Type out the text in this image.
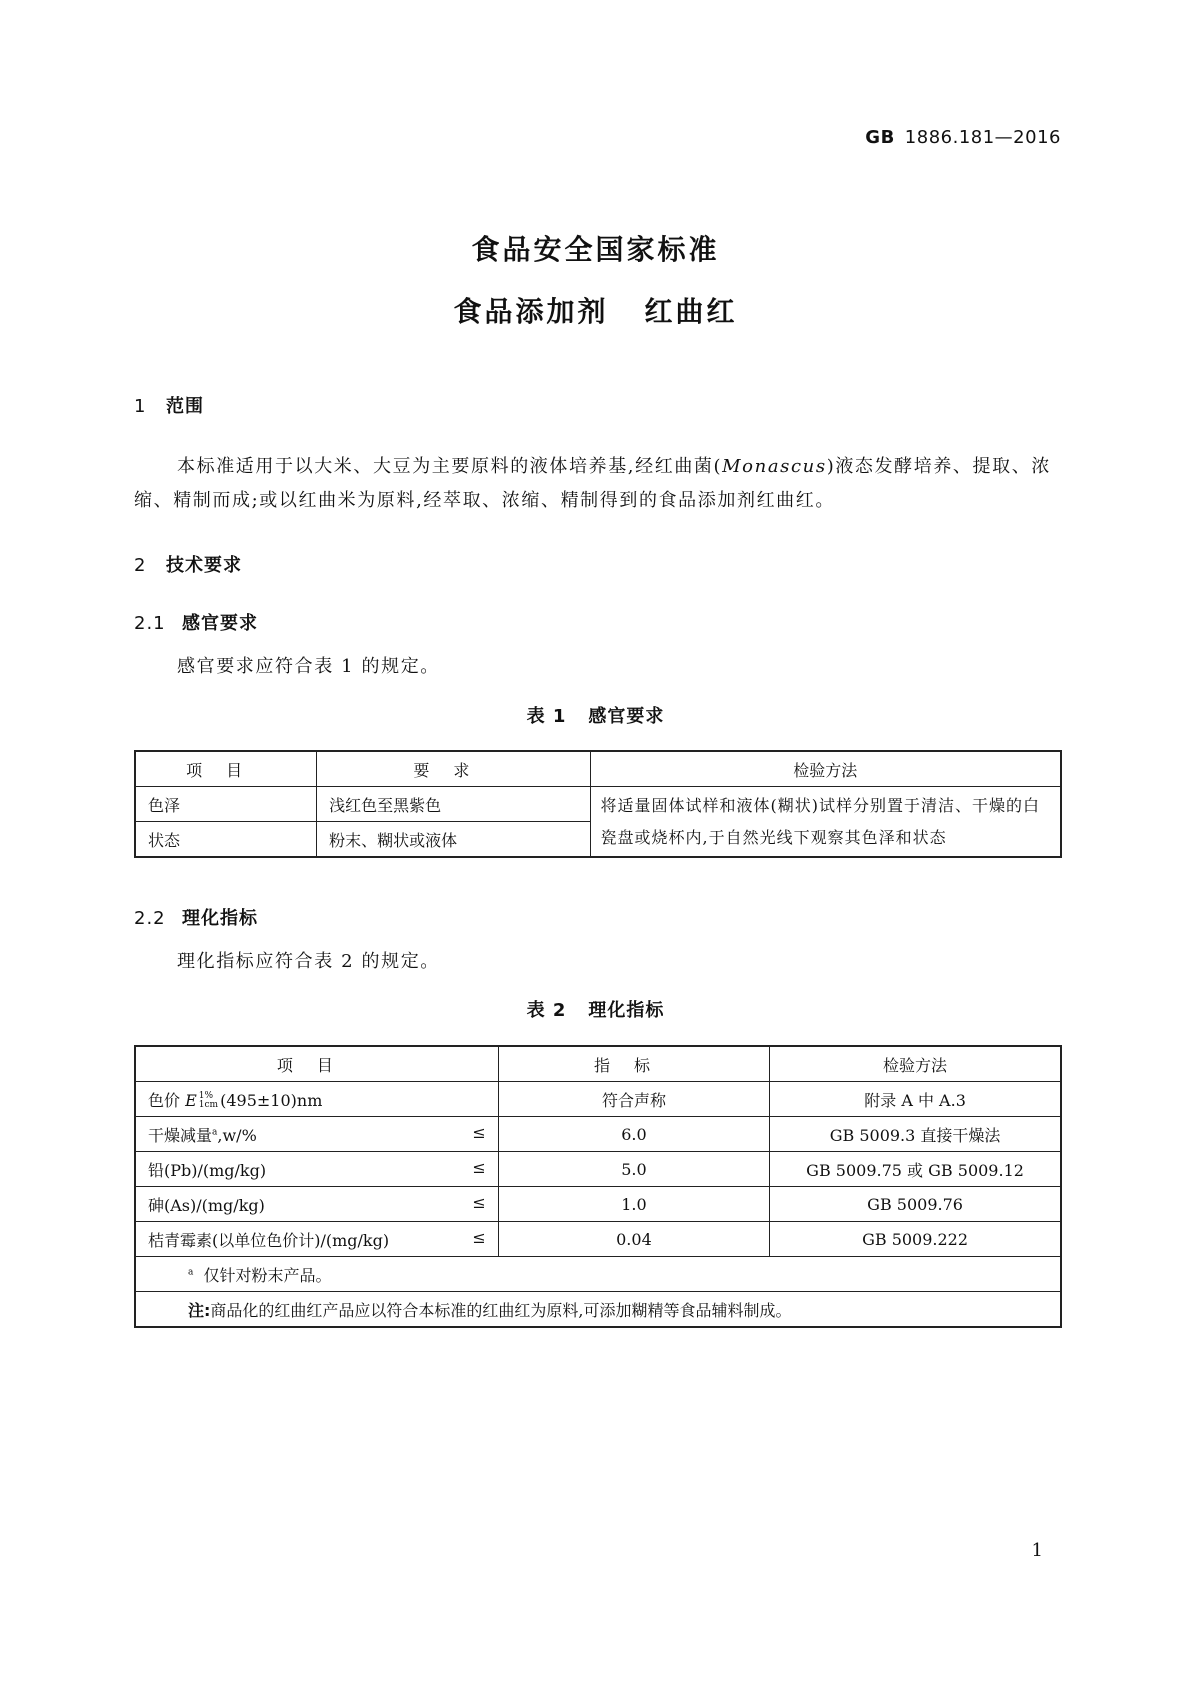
GB 1886.181—2016
食品安全国家标准
食品添加剂 红曲红
1 范围
本标准适用于以大米、大豆为主要原料的液体培养基,经红曲菌(Monascus)液态发酵培养、提取、浓缩、精制而成;或以红曲米为原料,经萃取、浓缩、精制得到的食品添加剂红曲红。
2 技术要求
2.1 感官要求
感官要求应符合表 1 的规定。
表 1 感官要求
项目	要求	检验方法
色泽	浅红色至黑紫色	将适量固体试样和液体(糊状)试样分别置于清洁、干燥的白瓷盘或烧杯内,于自然光线下观察其色泽和状态
状态	粉末、糊状或液体	
2.2 理化指标
理化指标应符合表 2 的规定。
表 2 理化指标
项目	指标	检验方法
色价 E 1%
1cm (495±10)nm	符合声称	附录 A 中 A.3
干燥减量$^a$,w/% ≤	6.0	GB 5009.3 直接干燥法
铅(Pb)/(mg/kg) ≤	5.0	GB 5009.75 或 GB 5009.12
砷(As)/(mg/kg) ≤	1.0	GB 5009.76
桔青霉素(以单位色价计)/(mg/kg) ≤	0.04	GB 5009.222
$^a$ 仅针对粉末产品。		
注:商品化的红曲红产品应以符合本标准的红曲红为原料,可添加糊精等食品辅料制成。		
1
